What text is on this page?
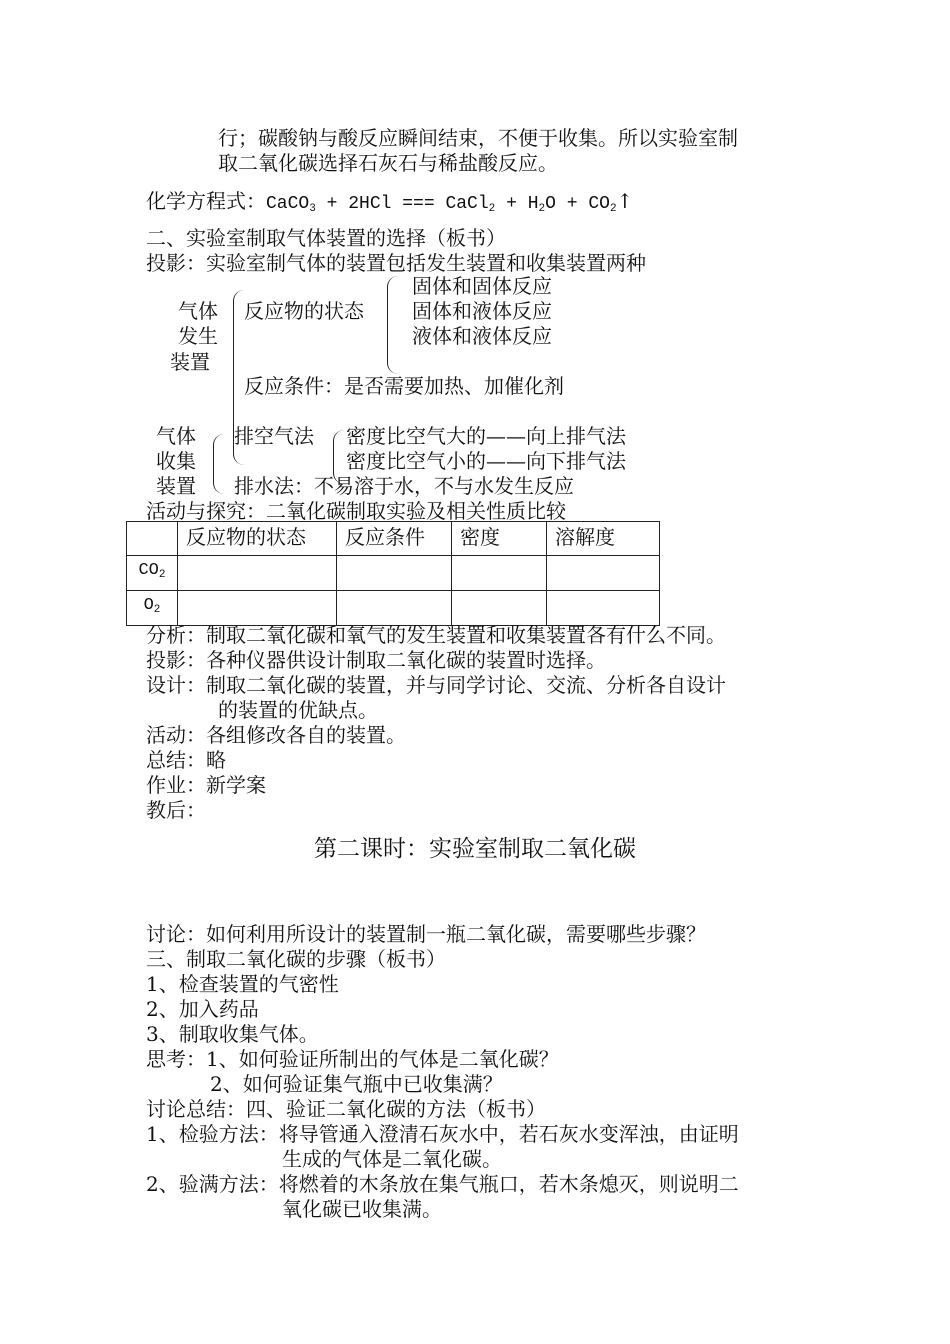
行；碳酸钠与酸反应瞬间结束，不便于收集。所以实验室制
取二氧化碳选择石灰石与稀盐酸反应。
化学方程式：CaCO$_3$ + 2HCl === CaCl$_2$ + $H_2O$ + $CO_2↑$
二、实验室制取气体装置的选择（板书）
投影：实验室制气体的装置包括发生装置和收集装置两种
气体
发生
装置
反应物的状态
固体和固体反应
固体和液体反应
液体和液体反应
反应条件：是否需要加热、加催化剂
气体
收集
装置
排空气法 密度比空气大的——向上排气法
密度比空气小的——向下排气法
排水法：不易溶于水，不与水发生反应
活动与探究：二氧化碳制取实验及相关性质比较
	反应物的状态	反应条件	密度	溶解度
$CO_2$				
$O_2$				
分析：制取二氧化碳和氧气的发生装置和收集装置各有什么不同。
投影：各种仪器供设计制取二氧化碳的装置时选择。
设计：制取二氧化碳的装置，并与同学讨论、交流、分析各自设计
的装置的优缺点。
活动：各组修改各自的装置。
总结：略
作业：新学案
教后：
第二课时：实验室制取二氧化碳
讨论：如何利用所设计的装置制一瓶二氧化碳，需要哪些步骤？
三、制取二氧化碳的步骤（板书）
1、检查装置的气密性
2、加入药品
3、制取收集气体。
思考：1、如何验证所制出的气体是二氧化碳？
2、如何验证集气瓶中已收集满？
讨论总结：四、验证二氧化碳的方法（板书）
1、检验方法：将导管通入澄清石灰水中，若石灰水变浑浊，由证明
生成的气体是二氧化碳。
2、验满方法：将燃着的木条放在集气瓶口，若木条熄灭，则说明二
氧化碳已收集满。
